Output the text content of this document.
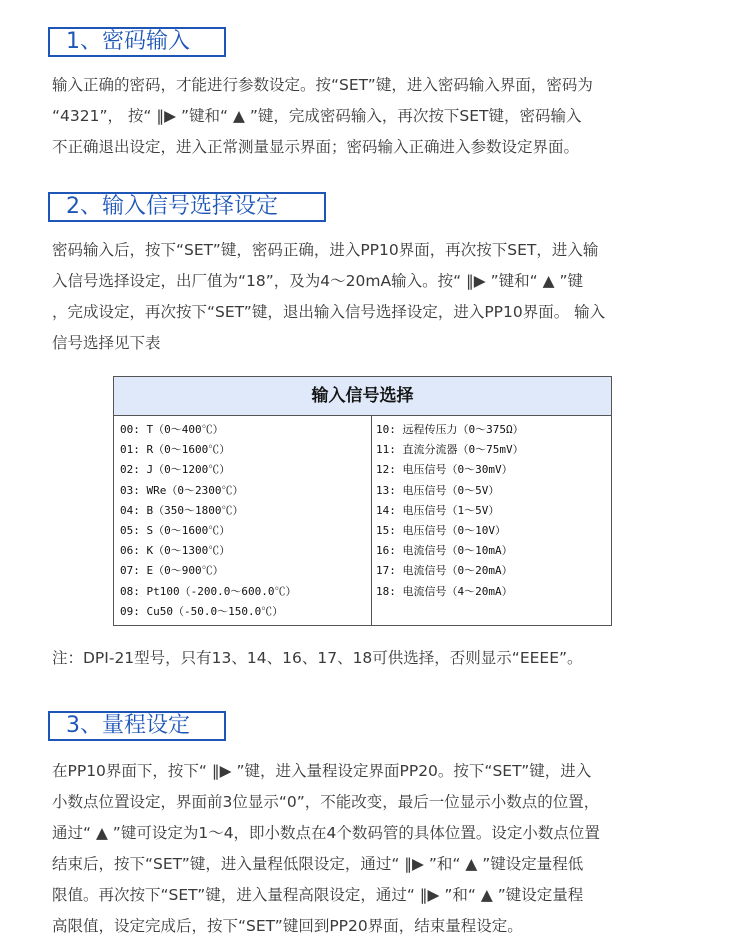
1、密码输入

输入正确的密码，才能进行参数设定。按“SET”键，进入密码输入界面，密码为

“4321”， 按“ ‖▶ ”键和“ ▲ ”键，完成密码输入，再次按下SET键，密码输入

不正确退出设定，进入正常测量显示界面；密码输入正确进入参数设定界面。

2、输入信号选择设定

密码输入后，按下“SET”键，密码正确，进入PP10界面，再次按下SET，进入输

入信号选择设定，出厂值为“18”，及为4～20mA输入。按“ ‖▶ ”键和“ ▲ ”键

，完成设定，再次按下“SET”键，退出输入信号选择设定，进入PP10界面。 输入

信号选择见下表

输入信号选择
00: T（0～400℃）
01: R（0～1600℃）
02: J（0～1200℃）
03: WRe（0～2300℃）
04: B（350～1800℃）
05: S（0～1600℃）
06: K（0～1300℃）
07: E（0～900℃）
08: Pt100（-200.0～600.0℃）
09: Cu50（-50.0～150.0℃）
10: 远程传压力（0～375Ω）
11: 直流分流器（0～75mV）
12: 电压信号（0～30mV）
13: 电压信号（0～5V）
14: 电压信号（1～5V）
15: 电压信号（0～10V）
16: 电流信号（0～10mA）
17: 电流信号（0～20mA）
18: 电流信号（4～20mA）
注：DPI-21型号，只有13、14、16、17、18可供选择，否则显示“EEEE”。
3、量程设定

在PP10界面下，按下“ ‖▶ ”键，进入量程设定界面PP20。按下“SET”键，进入

小数点位置设定，界面前3位显示“0”，不能改变，最后一位显示小数点的位置，

通过“ ▲ ”键可设定为1～4，即小数点在4个数码管的具体位置。设定小数点位置

结束后，按下“SET”键，进入量程低限设定，通过“ ‖▶ ”和“ ▲ ”键设定量程低

限值。再次按下“SET”键，进入量程高限设定，通过“ ‖▶ ”和“ ▲ ”键设定量程

高限值，设定完成后，按下“SET”键回到PP20界面，结束量程设定。
